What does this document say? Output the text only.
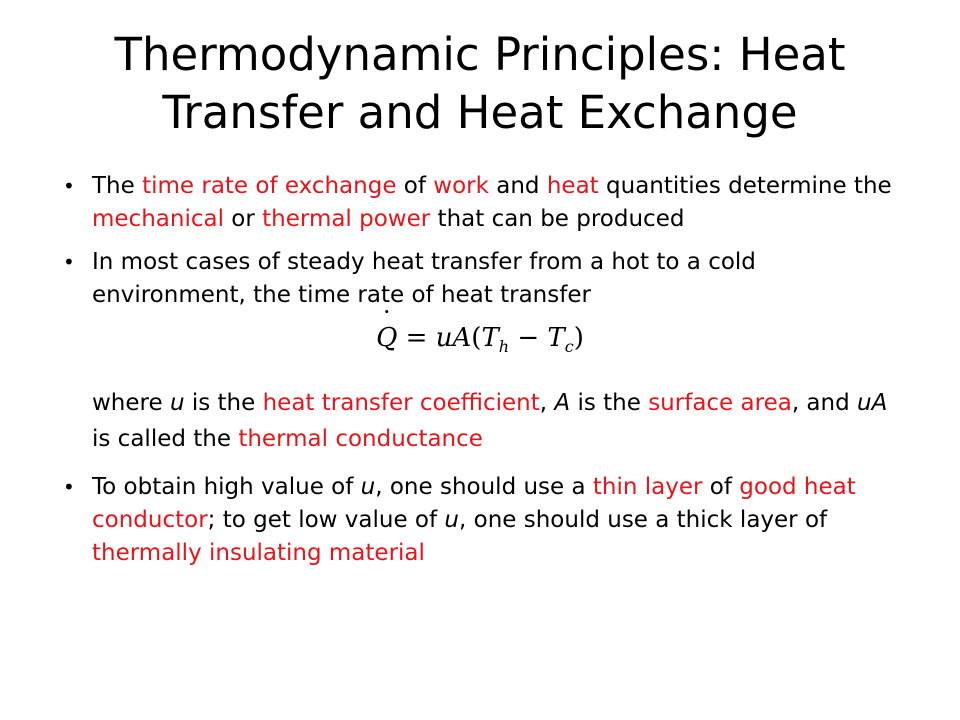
Thermodynamic Principles: Heat Transfer and Heat Exchange
• The time rate of exchange of work and heat quantities determine the mechanical or thermal power that can be produced
• In most cases of steady heat transfer from a hot to a cold environment, the time rate of heat transfer
˙ $Q = uA(T_h - T_c)$
where u is the heat transfer coefficient, A is the surface area, and uA is called the thermal conductance
• To obtain high value of u, one should use a thin layer of good heat conductor; to get low value of u, one should use a thick layer of thermally insulating material
